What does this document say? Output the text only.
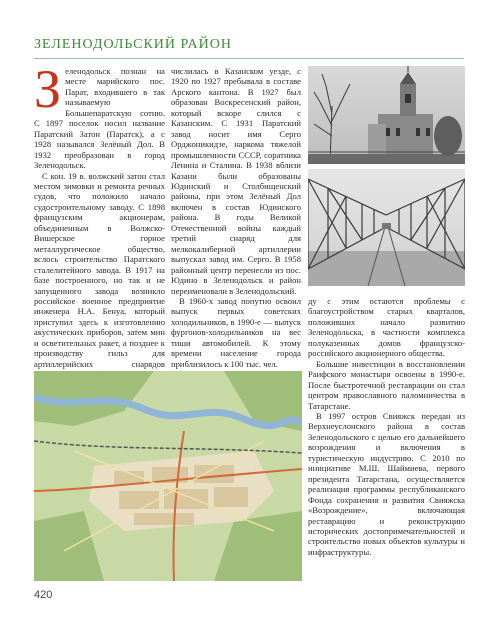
ЗЕЛЕНОДОЛЬСКИЙ РАЙОН

Зеленодольск познан на месте марийского пос. Парат, входившего в так называемую Большепаратскую сотню. С 1897 поселок носил название Паратский Затон (Паратск), а с 1928 назывался Зелёный Дол. В 1932 преобразован в город Зеленодольск.

С кон. 19 в. волжский затон стал местом зимовки и ремонта речных судов, что положило начало судостроительному заводу. С 1898 французским акционерам, объединенным в Волжско-Вишерское горное металлургическое общество, вслось строительство Паратского сталелитейного завода. В 1917 на базе построенного, но так и не запущенного завода возникло российское военное предприятие инженера Н.А. Бенуа, который приступил здесь к изготовлению акустических приборов, затем мин и осветительных ракет, а позднее к производству гильз для артиллерийских снарядов

числилась в Казанском уезде, с 1920 по 1927 пребывала в составе Арского кантона. В 1927 был образован Воскресенский район, который вскоре слился с Казанским. С 1931 Паратский завод носит имя Серго Орджоникидзе, наркома тяжелой промышленности СССР, соратника Ленина и Сталина. В 1938 вблизи Казани были образованы Юдинский и Столбищенский районы, при этом Зелёный Дол включен в состав Юдинского района. В годы Великой Отечественной войны каждый третий снаряд для мелкокалиберной артиллерии выпускал завод им. Серго. В 1958 районный центр перенесли из пос. Юдино в Зеленодольск и район переименовали в Зеленодольский.

В 1960-х завод попутно освоил выпуск первых советских холодильников, в 1990-е — выпуск фургонов-холодильников на вес тиши автомобилей. К этому времени население города приблизилось к 100 тыс. чел.

ду с этим остаются проблемы с благоустройством старых кварталов, положивших начало развитию Зеленодольска, в частности комплекса полуказенных домов французско-российского акционерного общества.

Большие инвестиции в восстановлении Раифского монастыря освоены в 1990-е. После быстротечной реставрации он стал центром православного паломничества в Татарстане.

В 1997 остров Свияжск передан из Верхнеуслонского района в состав Зеленодольского с целью его дальнейшего возрождения и включения в туристическую индустрию. С 2010 по инициативе М.Ш. Шаймиева, первого президента Татарстана, осуществляется реализация программы республиканского Фонда сохранения и развития Свияжска «Возрождение», включающая реставрацию и реконструкцию исторических достопримечательностей и строительство новых объектов культуры и инфраструктуры.

420
